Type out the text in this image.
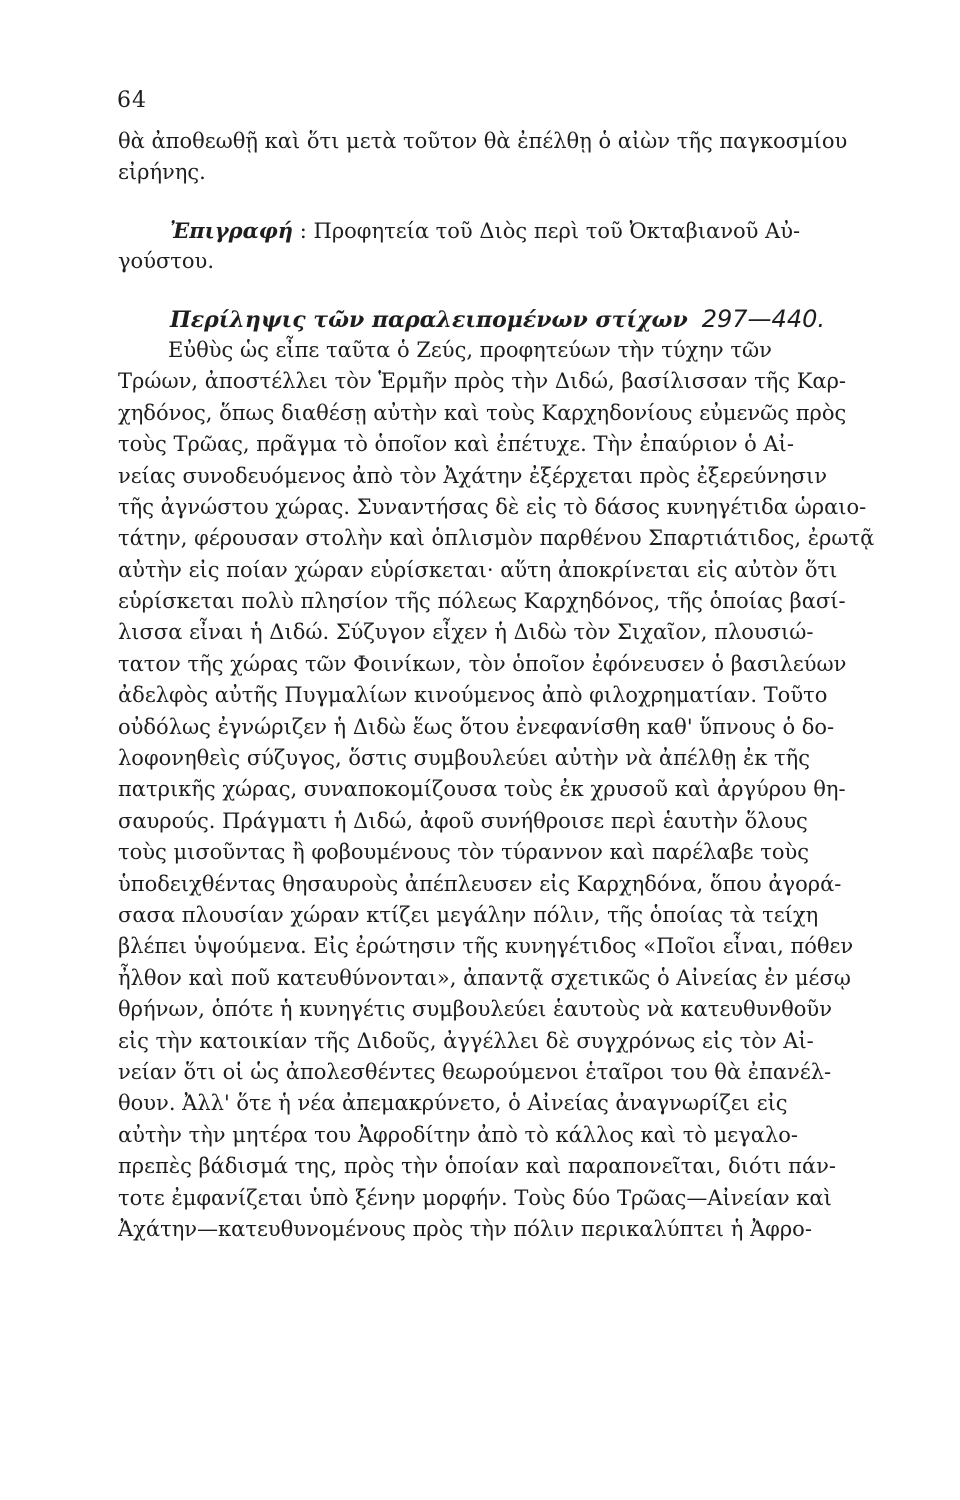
64
θὰ ἀποθεωθῇ καὶ ὅτι μετὰ τοῦτον θὰ ἐπέλθῃ ὁ αἰὼν τῆς παγκοσμίου
εἰρήνης.
Ἐπιγραφή : Προφητεία τοῦ Διὸς περὶ τοῦ Ὀκταβιανοῦ Αὐ-
γούστου.
Περίληψις τῶν παραλειπομένων στίχων 297—440.
Εὐθὺς ὡς εἶπε ταῦτα ὁ Ζεύς, προφητεύων τὴν τύχην τῶν
Τρώων, ἀποστέλλει τὸν Ἑρμῆν πρὸς τὴν Διδώ, βασίλισσαν τῆς Καρ-
χηδόνος, ὅπως διαθέσῃ αὐτὴν καὶ τοὺς Καρχηδονίους εὐμενῶς πρὸς
τοὺς Τρῶας, πρᾶγμα τὸ ὁποῖον καὶ ἐπέτυχε. Τὴν ἐπαύριον ὁ Αἰ-
νείας συνοδευόμενος ἀπὸ τὸν Ἀχάτην ἐξέρχεται πρὸς ἐξερεύνησιν
τῆς ἀγνώστου χώρας. Συναντήσας δὲ εἰς τὸ δάσος κυνηγέτιδα ὡραιο-
τάτην, φέρουσαν στολὴν καὶ ὁπλισμὸν παρθένου Σπαρτιάτιδος, ἐρωτᾷ
αὐτὴν εἰς ποίαν χώραν εὑρίσκεται· αὕτη ἀποκρίνεται εἰς αὐτὸν ὅτι
εὑρίσκεται πολὺ πλησίον τῆς πόλεως Καρχηδόνος, τῆς ὁποίας βασί-
λισσα εἶναι ἡ Διδώ. Σύζυγον εἶχεν ἡ Διδὼ τὸν Σιχαῖον, πλουσιώ-
τατον τῆς χώρας τῶν Φοινίκων, τὸν ὁποῖον ἐφόνευσεν ὁ βασιλεύων
ἀδελφὸς αὐτῆς Πυγμαλίων κινούμενος ἀπὸ φιλοχρηματίαν. Τοῦτο
οὐδόλως ἐγνώριζεν ἡ Διδὼ ἕως ὅτου ἐνεφανίσθη καθ' ὕπνους ὁ δο-
λοφονηθεὶς σύζυγος, ὅστις συμβουλεύει αὐτὴν νὰ ἀπέλθῃ ἐκ τῆς
πατρικῆς χώρας, συναποκομίζουσα τοὺς ἐκ χρυσοῦ καὶ ἀργύρου θη-
σαυρούς. Πράγματι ἡ Διδώ, ἀφοῦ συνήθροισε περὶ ἑαυτὴν ὅλους
τοὺς μισοῦντας ἢ φοβουμένους τὸν τύραννον καὶ παρέλαβε τοὺς
ὑποδειχθέντας θησαυροὺς ἀπέπλευσεν εἰς Καρχηδόνα, ὅπου ἀγορά-
σασα πλουσίαν χώραν κτίζει μεγάλην πόλιν, τῆς ὁποίας τὰ τείχη
βλέπει ὑψούμενα. Εἰς ἐρώτησιν τῆς κυνηγέτιδος «Ποῖοι εἶναι, πόθεν
ἦλθον καὶ ποῦ κατευθύνονται», ἀπαντᾷ σχετικῶς ὁ Αἰνείας ἐν μέσῳ
θρήνων, ὁπότε ἡ κυνηγέτις συμβουλεύει ἑαυτοὺς νὰ κατευθυνθοῦν
εἰς τὴν κατοικίαν τῆς Διδοῦς, ἀγγέλλει δὲ συγχρόνως εἰς τὸν Αἰ-
νείαν ὅτι οἱ ὡς ἀπολεσθέντες θεωρούμενοι ἑταῖροι του θὰ ἐπανέλ-
θουν. Ἀλλ' ὅτε ἡ νέα ἀπεμακρύνετο, ὁ Αἰνείας ἀναγνωρίζει εἰς
αὐτὴν τὴν μητέρα του Ἀφροδίτην ἀπὸ τὸ κάλλος καὶ τὸ μεγαλο-
πρεπὲς βάδισμά της, πρὸς τὴν ὁποίαν καὶ παραπονεῖται, διότι πάν-
τοτε ἐμφανίζεται ὑπὸ ξένην μορφήν. Τοὺς δύο Τρῶας—Αἰνείαν καὶ
Ἀχάτην—κατευθυνομένους πρὸς τὴν πόλιν περικαλύπτει ἡ Ἀφρο-
